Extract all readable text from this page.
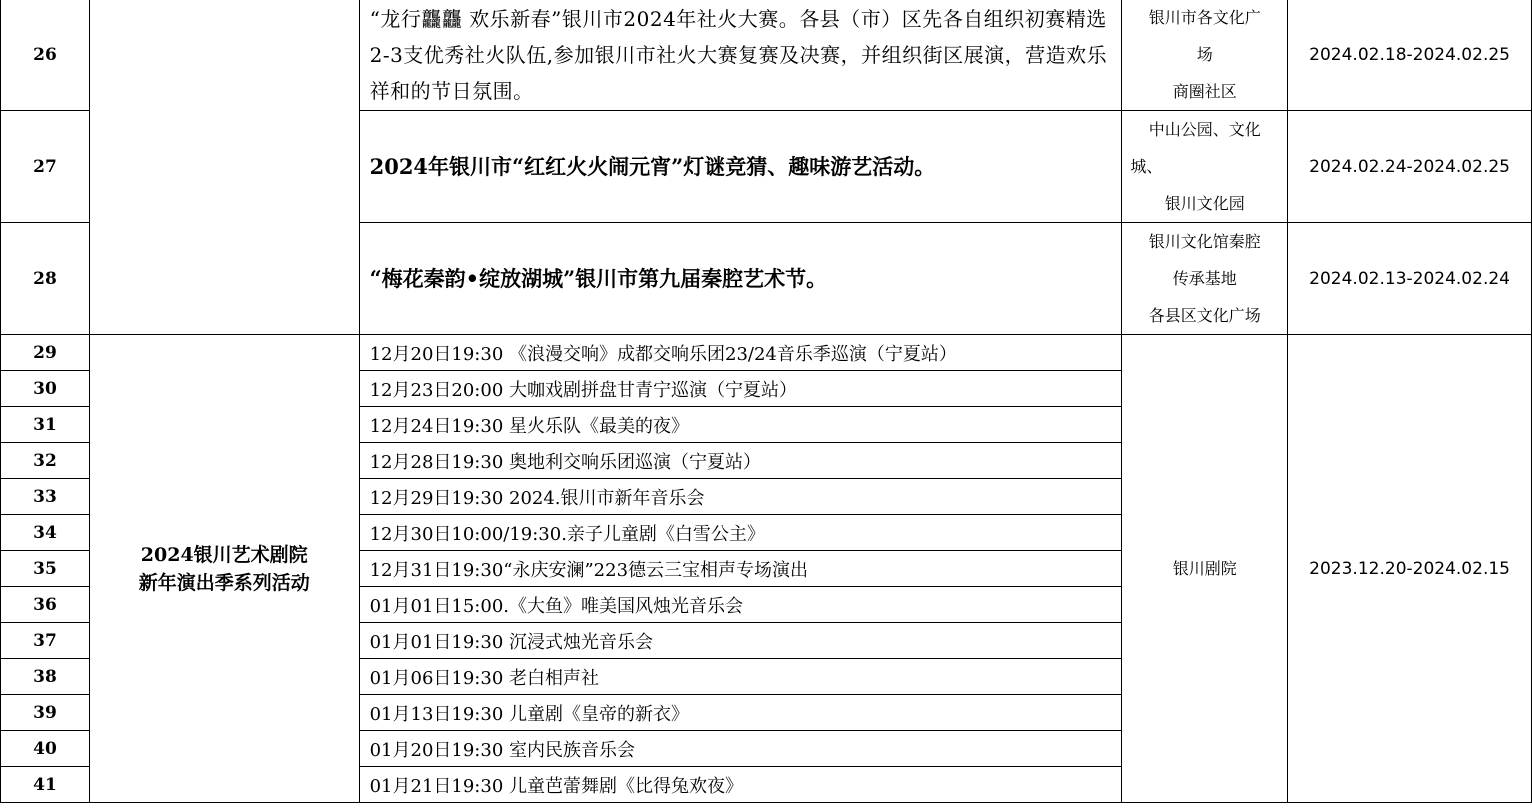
26		“龙行龘龘 欢乐新春”银川市2024年社火大赛。各县（市）区先各自组织初赛精选2-3支优秀社火队伍,参加银川市社火大赛复赛及决赛，并组织街区展演，营造欢乐祥和的节日氛围。	银川市各文化广
场
商圈社区	2024.02.18-2024.02.25
27		2024年银川市“红红火火闹元宵”灯谜竞猜、趣味游艺活动。	中山公园、文化
城、
银川文化园	2024.02.24-2024.02.25
28		“梅花秦韵•绽放湖城”银川市第九届秦腔艺术节。	银川文化馆秦腔
传承基地
各县区文化广场	2024.02.13-2024.02.24
29	2024银川艺术剧院
新年演出季系列活动	12月20日19:30 《浪漫交响》成都交响乐团23/24音乐季巡演（宁夏站）	银川剧院	2023.12.20-2024.02.15
30		12月23日20:00 大咖戏剧拼盘甘青宁巡演（宁夏站）		
31		12月24日19:30 星火乐队《最美的夜》		
32		12月28日19:30 奥地利交响乐团巡演（宁夏站）		
33		12月29日19:30 2024.银川市新年音乐会		
34		12月30日10:00/19:30.亲子儿童剧《白雪公主》		
35		12月31日19:30“永庆安澜”223德云三宝相声专场演出		
36		01月01日15:00.《大鱼》唯美国风烛光音乐会		
37		01月01日19:30 沉浸式烛光音乐会		
38		01月06日19:30 老白相声社		
39		01月13日19:30 儿童剧《皇帝的新衣》		
40		01月20日19:30 室内民族音乐会		
41		01月21日19:30 儿童芭蕾舞剧《比得兔欢夜》		
